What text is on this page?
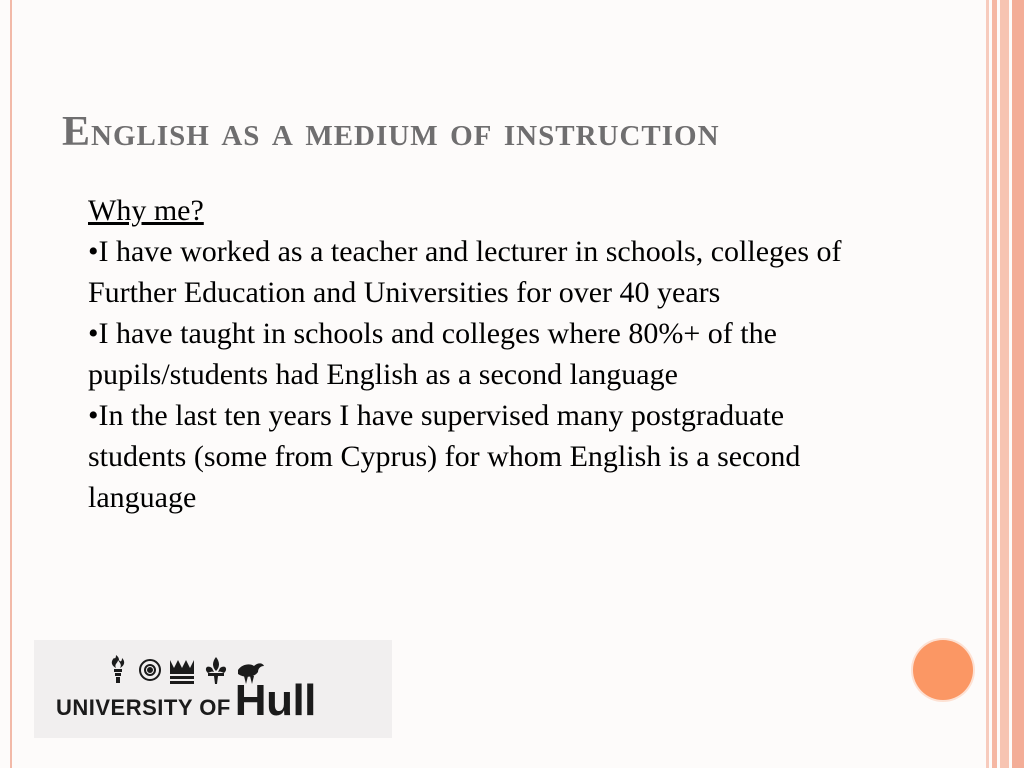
English as a medium of instruction

Why me?

•I have worked as a teacher and lecturer in schools, colleges of Further Education and Universities for over 40 years

•I have taught in schools and colleges where 80%+ of the pupils/students had English as a second language

•In the last ten years I have supervised many postgraduate students (some from Cyprus) for whom English is a second language

UNIVERSITY OF Hull
